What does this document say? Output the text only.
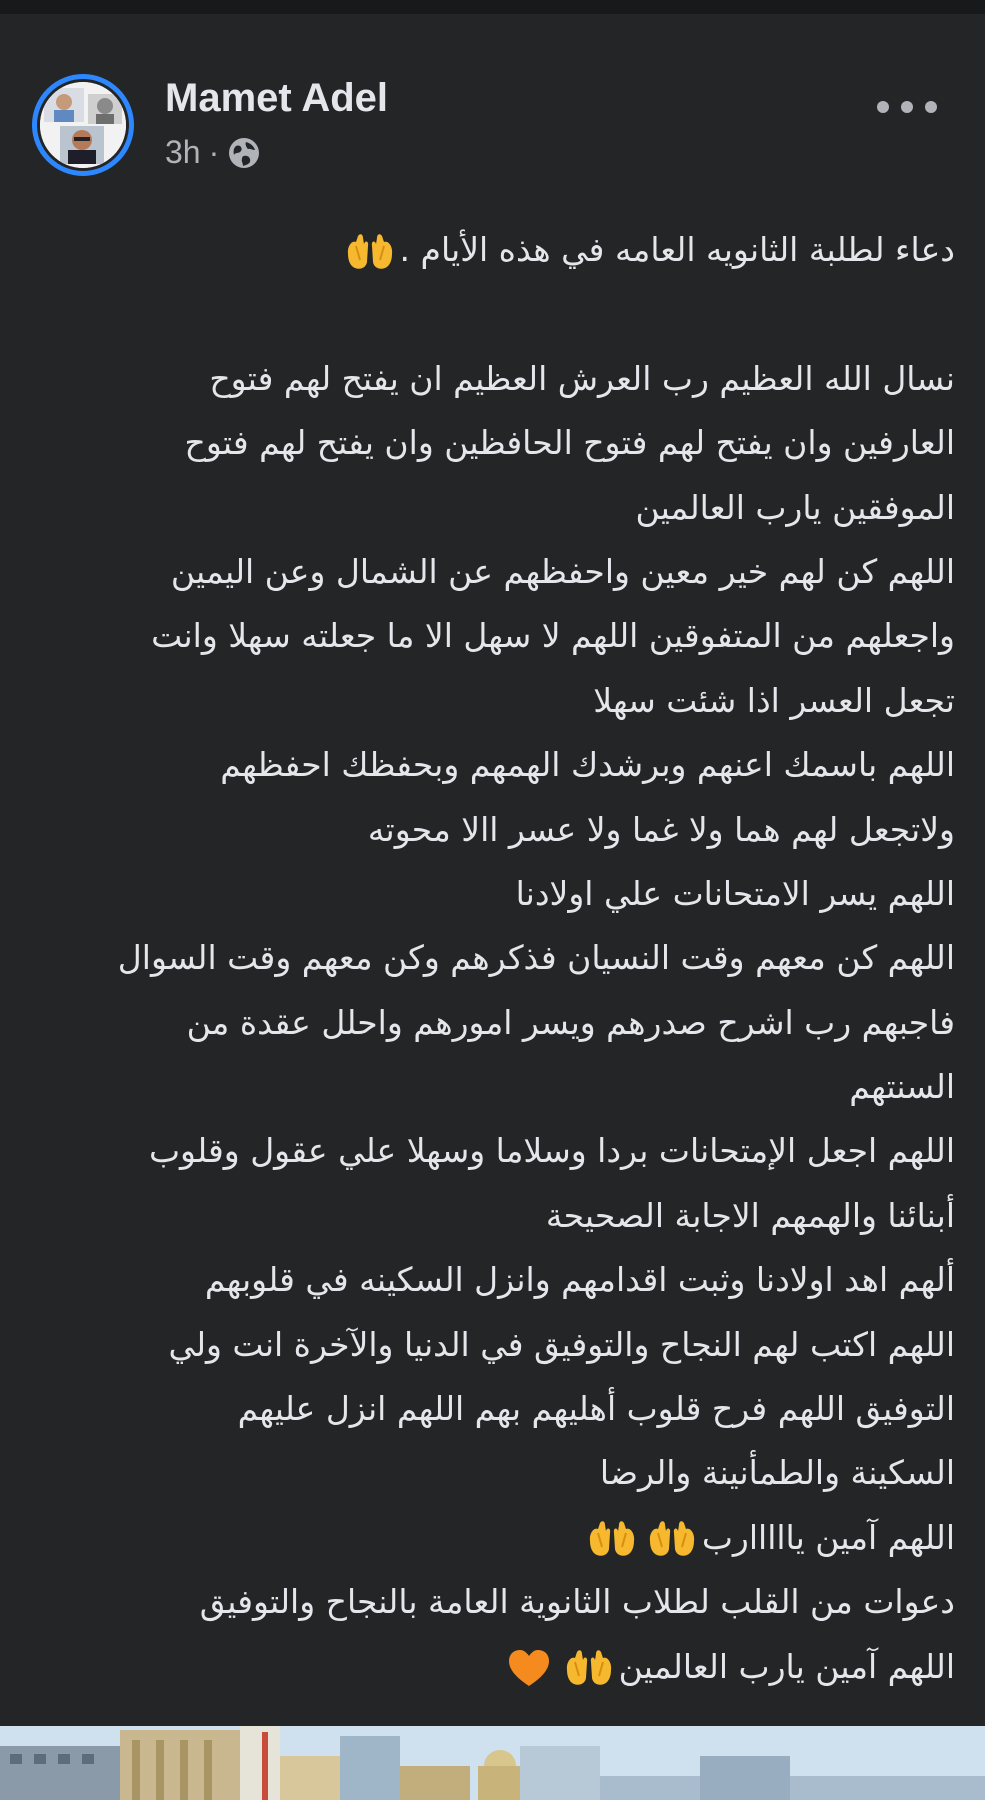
Mamet Adel
3h ·
دعاء لطلبة الثانويه العامه في هذه الأيام .
نسال الله العظيم رب العرش العظيم ان يفتح لهم فتوح
العارفين وان يفتح لهم فتوح الحافظين وان يفتح لهم فتوح
الموفقين يارب العالمين
اللهم كن لهم خير معين واحفظهم عن الشمال وعن اليمين
واجعلهم من المتفوقين اللهم لا سهل الا ما جعلته سهلا وانت
تجعل العسر اذا شئت سهلا
اللهم باسمك اعنهم وبرشدك الهمهم وبحفظك احفظهم
ولاتجعل لهم هما ولا غما ولا عسر االا محوته
اللهم يسر الامتحانات علي اولادنا
اللهم كن معهم وقت النسيان فذكرهم وكن معهم وقت السوال
فاجبهم رب اشرح صدرهم ويسر امورهم واحلل عقدة من
السنتهم
اللهم اجعل الإمتحانات بردا وسلاما وسهلا علي عقول وقلوب
أبنائنا والهمهم الاجابة الصحيحة
ألهم اهد اولادنا وثبت اقدامهم وانزل السكينه في قلوبهم
اللهم اكتب لهم النجاح والتوفيق في الدنيا والآخرة انت ولي
التوفيق اللهم فرح قلوب أهليهم بهم اللهم انزل عليهم
السكينة والطمأنينة والرضا
اللهم آمين يااااارب
دعوات من القلب لطلاب الثانوية العامة بالنجاح والتوفيق
اللهم آمين يارب العالمين
